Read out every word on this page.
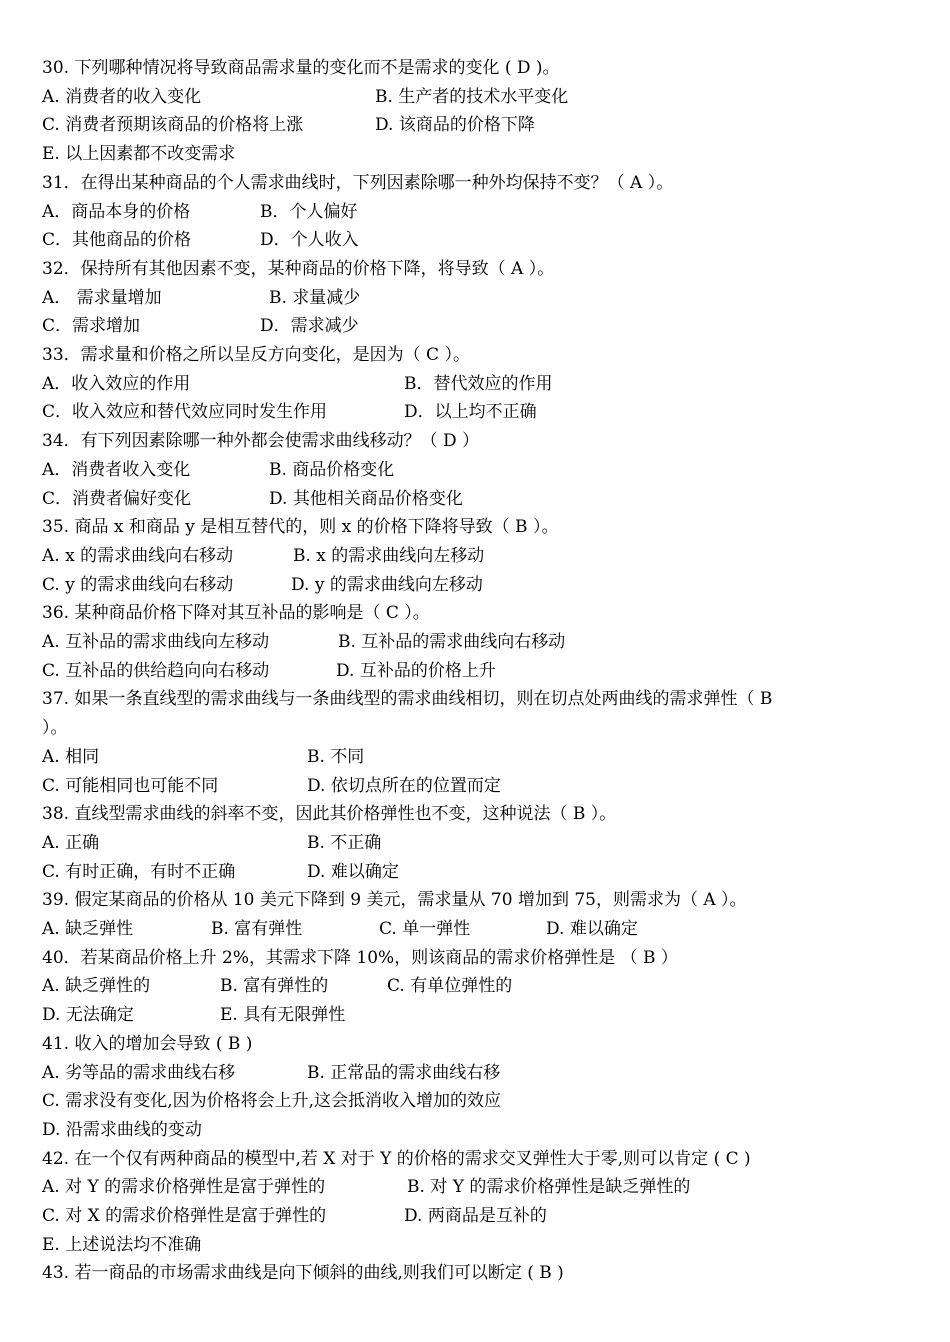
30. 下列哪种情况将导致商品需求量的变化而不是需求的变化 ( D )。
A. 消费者的收入变化	B. 生产者的技术水平变化
C. 消费者预期该商品的价格将上涨	D. 该商品的价格下降
E. 以上因素都不改变需求
31．在得出某种商品的个人需求曲线时，下列因素除哪一种外均保持不变？（ A ）。
A．商品本身的价格	B．个人偏好
C．其他商品的价格	D．个人收入
32．保持所有其他因素不变，某种商品的价格下降，将导致（ A ）。
A． 需求量增加	B. 求量减少
C．需求增加	D．需求减少
33．需求量和价格之所以呈反方向变化，是因为（ C ）。
A．收入效应的作用	B．替代效应的作用
C．收入效应和替代效应同时发生作用	D．以上均不正确
34．有下列因素除哪一种外都会使需求曲线移动？（ D ）
A．消费者收入变化	B. 商品价格变化
C．消费者偏好变化	D. 其他相关商品价格变化
35. 商品 x 和商品 y 是相互替代的，则 x 的价格下降将导致（ B ）。
A. x 的需求曲线向右移动	B. x 的需求曲线向左移动
C. y 的需求曲线向右移动	D. y 的需求曲线向左移动
36. 某种商品价格下降对其互补品的影响是（ C ）。
A. 互补品的需求曲线向左移动	B. 互补品的需求曲线向右移动
C. 互补品的供给趋向向右移动	D. 互补品的价格上升
37. 如果一条直线型的需求曲线与一条曲线型的需求曲线相切，则在切点处两曲线的需求弹性（ B
）。
A. 相同	B. 不同
C. 可能相同也可能不同	D. 依切点所在的位置而定
38. 直线型需求曲线的斜率不变，因此其价格弹性也不变，这种说法（ B ）。
A. 正确	B. 不正确
C. 有时正确，有时不正确	D. 难以确定
39. 假定某商品的价格从 10 美元下降到 9 美元，需求量从 70 增加到 75，则需求为（ A ）。
A. 缺乏弹性	B. 富有弹性	C. 单一弹性	D. 难以确定
40．若某商品价格上升 2%，其需求下降 10%，则该商品的需求价格弹性是 （ B ）
A. 缺乏弹性的	B. 富有弹性的	C. 有单位弹性的
D. 无法确定	E. 具有无限弹性
41. 收入的增加会导致 ( B )
A. 劣等品的需求曲线右移	B. 正常品的需求曲线右移
C. 需求没有变化,因为价格将会上升,这会抵消收入增加的效应
D. 沿需求曲线的变动
42. 在一个仅有两种商品的模型中,若 X 对于 Y 的价格的需求交叉弹性大于零,则可以肯定 ( C )
A. 对 Y 的需求价格弹性是富于弹性的	B. 对 Y 的需求价格弹性是缺乏弹性的
C. 对 X 的需求价格弹性是富于弹性的	D. 两商品是互补的
E. 上述说法均不准确
43. 若一商品的市场需求曲线是向下倾斜的曲线,则我们可以断定 ( B )
